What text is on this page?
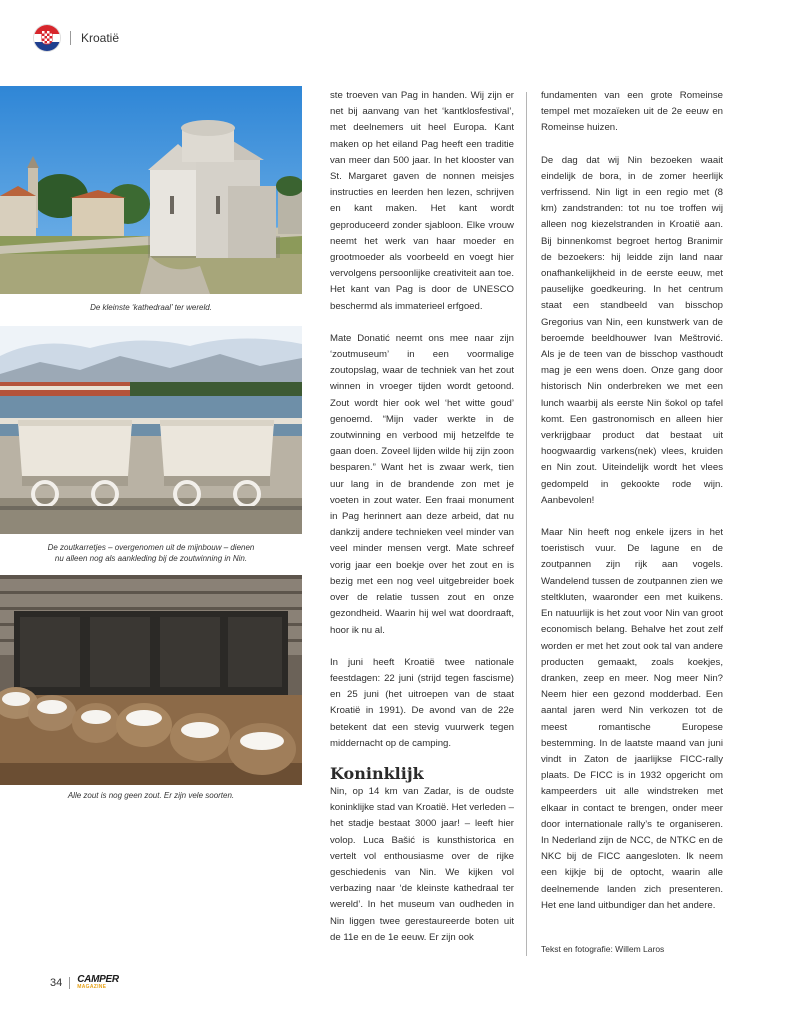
Kroatië
De kleinste ‘kathedraal’ ter wereld.
De zoutkarretjes – overgenomen uit de mijnbouw – dienen
nu alleen nog als aankleding bij de zoutwinning in Nin.
Alle zout is nog geen zout. Er zijn vele soorten.

ste troeven van Pag in handen. Wij zijn er net bij aanvang van het ‘kantklosfestival’, met deelnemers uit heel Europa. Kant maken op het eiland Pag heeft een traditie van meer dan 500 jaar. In het klooster van St. Margaret gaven de nonnen meisjes instructies en leerden hen lezen, schrijven en kant maken. Het kant wordt geproduceerd zonder sjabloon. Elke vrouw neemt het werk van haar moeder en grootmoeder als voorbeeld en voegt hier vervolgens persoonlijke creativiteit aan toe. Het kant van Pag is door de UNESCO beschermd als immaterieel erfgoed.

Mate Donatić neemt ons mee naar zijn ‘zoutmuseum’ in een voormalige zoutopslag, waar de techniek van het zout winnen in vroeger tijden wordt getoond. Zout wordt hier ook wel ‘het witte goud’ genoemd. “Mijn vader werkte in de zoutwinning en verbood mij hetzelfde te gaan doen. Zoveel lijden wilde hij zijn zoon besparen.” Want het is zwaar werk, tien uur lang in de brandende zon met je voeten in zout water. Een fraai monument in Pag herinnert aan deze arbeid, dat nu dankzij andere technieken veel minder van veel minder mensen vergt. Mate schreef vorig jaar een boekje over het zout en is bezig met een nog veel uitgebreider boek over de relatie tussen zout en onze gezondheid. Waarin hij wel wat doordraaft, hoor ik nu al.

In juni heeft Kroatië twee nationale feestdagen: 22 juni (strijd tegen fascisme) en 25 juni (het uitroepen van de staat Kroatië in 1991). De avond van de 22e betekent dat een stevig vuurwerk tegen middernacht op de camping.

Koninklijk

Nin, op 14 km van Zadar, is de oudste koninklijke stad van Kroatië. Het verleden – het stadje bestaat 3000 jaar! – leeft hier volop. Luca Bašić is kunsthistorica en vertelt vol enthousiasme over de rijke geschiedenis van Nin. We kijken vol verbazing naar ‘de kleinste kathedraal ter wereld’. In het museum van oudheden in Nin liggen twee gerestaureerde boten uit de 11e en de 1e eeuw. Er zijn ook

fundamenten van een grote Romeinse tempel met mozaïeken uit de 2e eeuw en Romeinse huizen.

De dag dat wij Nin bezoeken waait eindelijk de bora, in de zomer heerlijk verfrissend. Nin ligt in een regio met (8 km) zandstranden: tot nu toe troffen wij alleen nog kiezelstranden in Kroatië aan. Bij binnenkomst begroet hertog Branimir de bezoekers: hij leidde zijn land naar onafhankelijkheid in de eerste eeuw, met pauselijke goedkeuring. In het centrum staat een standbeeld van bisschop Gregorius van Nin, een kunstwerk van de beroemde beeldhouwer Ivan Meštrović. Als je de teen van de bisschop vasthoudt mag je een wens doen. Onze gang door historisch Nin onderbreken we met een lunch waarbij als eerste Nin šokol op tafel komt. Een gastronomisch en alleen hier verkrijgbaar product dat bestaat uit hoogwaardig varkens(nek) vlees, kruiden en Nin zout. Uiteindelijk wordt het vlees gedompeld in gekookte rode wijn. Aanbevolen!

Maar Nin heeft nog enkele ijzers in het toeristisch vuur. De lagune en de zoutpannen zijn rijk aan vogels. Wandelend tussen de zoutpannen zien we steltkluten, waaronder een met kuikens. En natuurlijk is het zout voor Nin van groot economisch belang. Behalve het zout zelf worden er met het zout ook tal van andere producten gemaakt, zoals koekjes, dranken, zeep en meer. Nog meer Nin? Neem hier een gezond modderbad. Een aantal jaren werd Nin verkozen tot de meest romantische Europese bestemming. In de laatste maand van juni vindt in Zaton de jaarlijkse FICC-rally plaats. De FICC is in 1932 opgericht om kampeerders uit alle windstreken met elkaar in contact te brengen, onder meer door internationale rally’s te organiseren. In Nederland zijn de NCC, de NTKC en de NKC bij de FICC aangesloten. Ik neem een kijkje bij de optocht, waarin alle deelnemende landen zich presenteren. Het ene land uitbundiger dan het andere.

Tekst en fotografie: Willem Laros
34 CAMPER
MAGAZINE
